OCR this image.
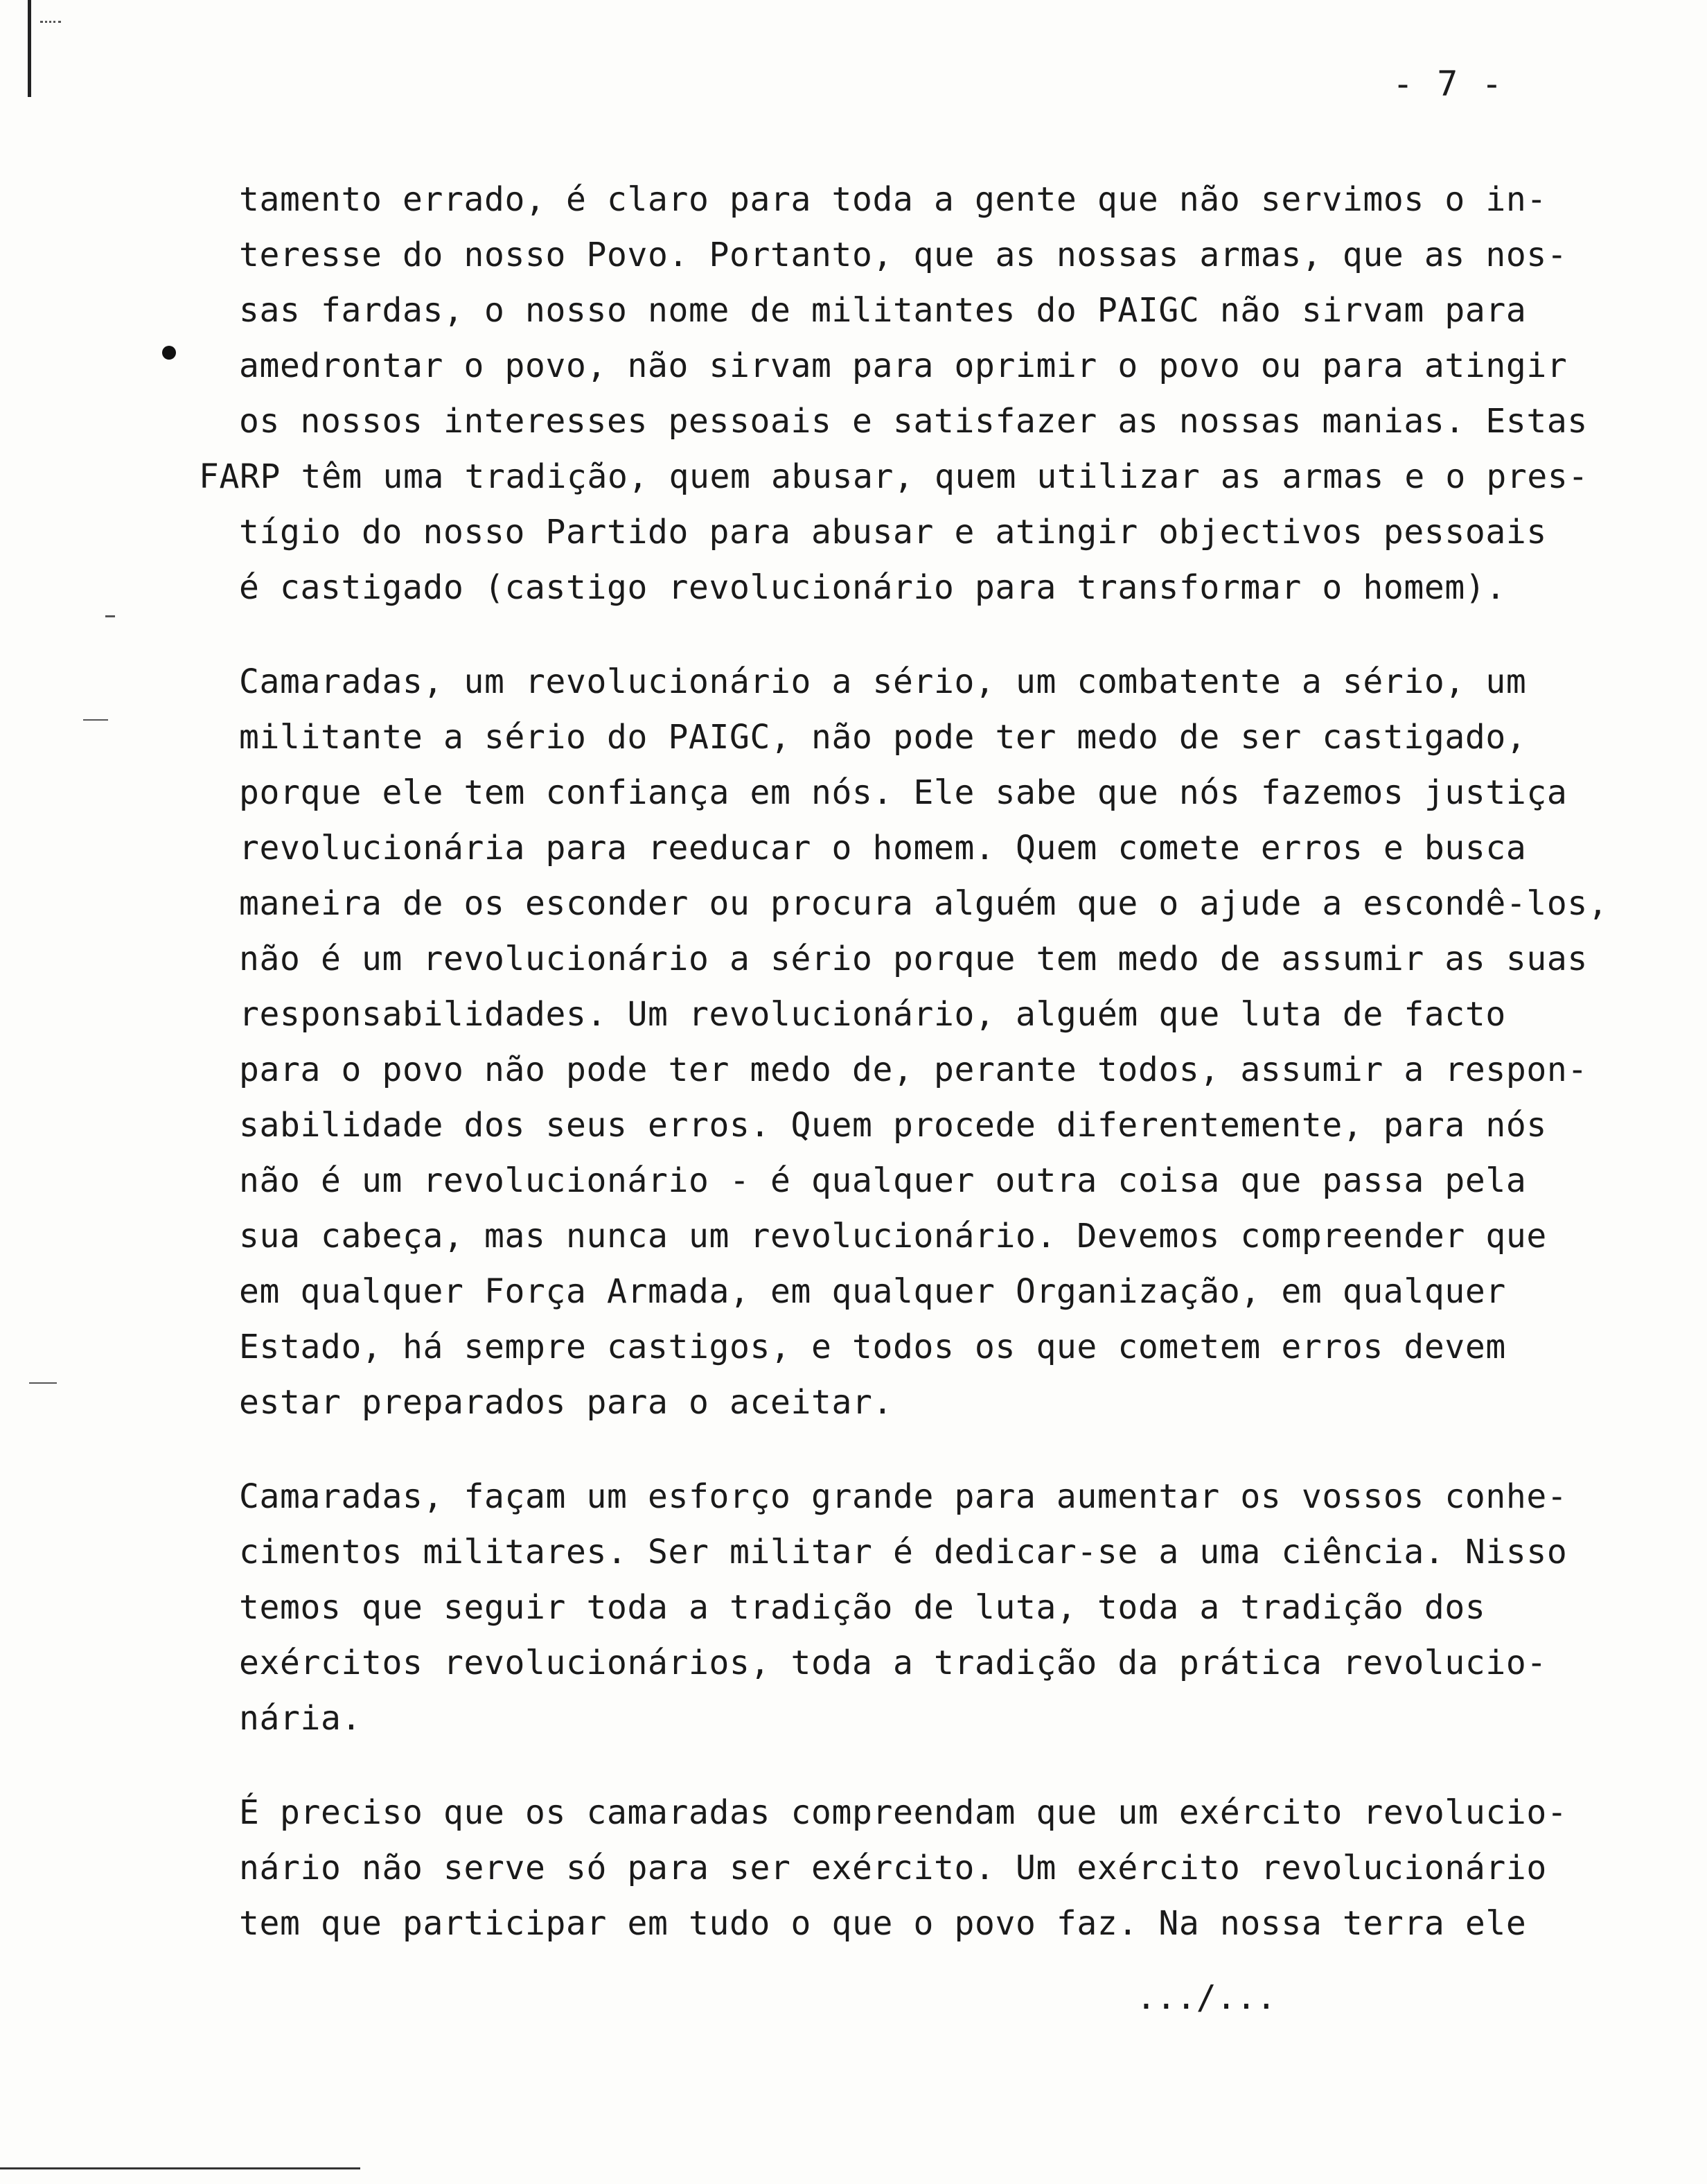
- 7 -

tamento errado, é claro para toda a gente que não servimos o in-
teresse do nosso Povo. Portanto, que as nossas armas, que as nos-
sas fardas, o nosso nome de militantes do PAIGC não sirvam para
amedrontar o povo, não sirvam para oprimir o povo ou para atingir
os nossos interesses pessoais e satisfazer as nossas manias. Estas
FARP têm uma tradição, quem abusar, quem utilizar as armas e o pres-
tígio do nosso Partido para abusar e atingir objectivos pessoais
é castigado (castigo revolucionário para transformar o homem).

Camaradas, um revolucionário a sério, um combatente a sério, um
militante a sério do PAIGC, não pode ter medo de ser castigado,
porque ele tem confiança em nós. Ele sabe que nós fazemos justiça
revolucionária para reeducar o homem. Quem comete erros e busca
maneira de os esconder ou procura alguém que o ajude a escondê-los,
não é um revolucionário a sério porque tem medo de assumir as suas
responsabilidades. Um revolucionário, alguém que luta de facto
para o povo não pode ter medo de, perante todos, assumir a respon-
sabilidade dos seus erros. Quem procede diferentemente, para nós
não é um revolucionário - é qualquer outra coisa que passa pela
sua cabeça, mas nunca um revolucionário. Devemos compreender que
em qualquer Força Armada, em qualquer Organização, em qualquer
Estado, há sempre castigos, e todos os que cometem erros devem
estar preparados para o aceitar.

Camaradas, façam um esforço grande para aumentar os vossos conhe-
cimentos militares. Ser militar é dedicar-se a uma ciência. Nisso
temos que seguir toda a tradição de luta, toda a tradição dos
exércitos revolucionários, toda a tradição da prática revolucio-
nária.

É preciso que os camaradas compreendam que um exército revolucio-
nário não serve só para ser exército. Um exército revolucionário
tem que participar em tudo o que o povo faz. Na nossa terra ele

.../...
